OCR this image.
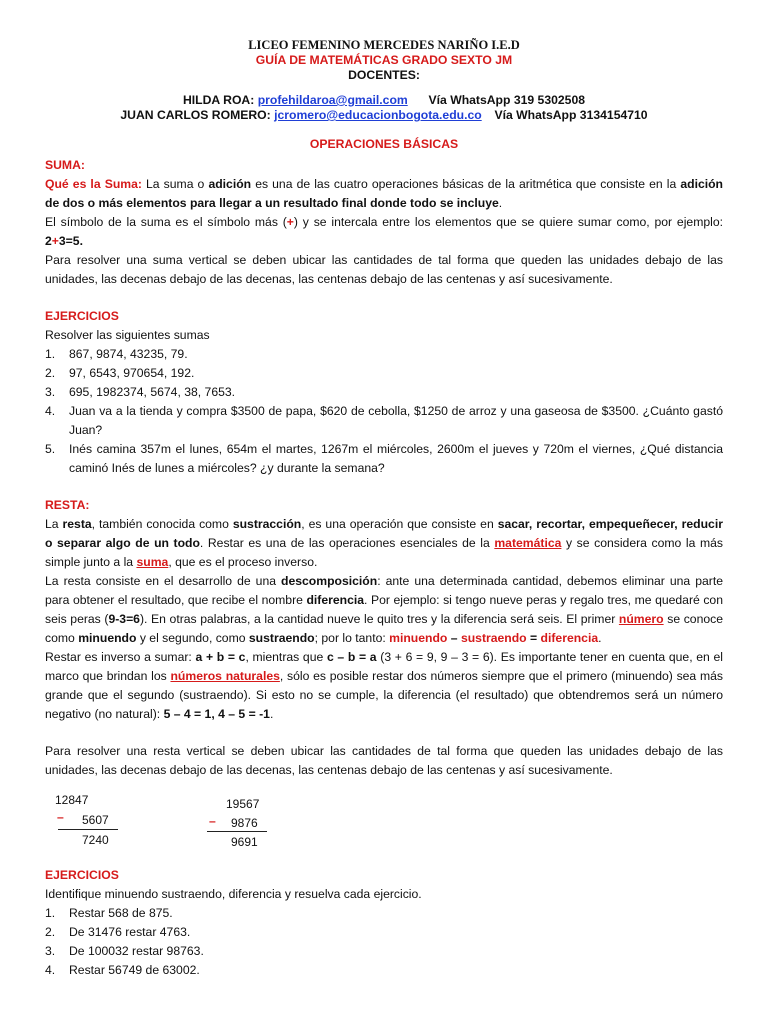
LICEO FEMENINO MERCEDES NARIÑO I.E.D
GUÍA DE MATEMÁTICAS GRADO SEXTO JM
DOCENTES:
HILDA ROA: profehildaroa@gmail.com Vía WhatsApp 319 5302508
JUAN CARLOS ROMERO: jcromero@educacionbogota.edu.co Vía WhatsApp 3134154710
OPERACIONES BÁSICAS
SUMA:

Qué es la Suma: La suma o adición es una de las cuatro operaciones básicas de la aritmética que consiste en la adición de dos o más elementos para llegar a un resultado final donde todo se incluye.

El símbolo de la suma es el símbolo más (+) y se intercala entre los elementos que se quiere sumar como, por ejemplo: 2+3=5.

Para resolver una suma vertical se deben ubicar las cantidades de tal forma que queden las unidades debajo de las unidades, las decenas debajo de las decenas, las centenas debajo de las centenas y así sucesivamente.

EJERCICIOS

Resolver las siguientes sumas

1. 867, 9874, 43235, 79.
2. 97, 6543, 970654, 192.
3. 695, 1982374, 5674, 38, 7653.
4. Juan va a la tienda y compra $3500 de papa, $620 de cebolla, $1250 de arroz y una gaseosa de $3500. ¿Cuánto gastó Juan?
5. Inés camina 357m el lunes, 654m el martes, 1267m el miércoles, 2600m el jueves y 720m el viernes, ¿Qué distancia caminó Inés de lunes a miércoles? ¿y durante la semana?
RESTA:

La resta, también conocida como sustracción, es una operación que consiste en sacar, recortar, empequeñecer, reducir o separar algo de un todo. Restar es una de las operaciones esenciales de la matemática y se considera como la más simple junto a la suma, que es el proceso inverso.

La resta consiste en el desarrollo de una descomposición: ante una determinada cantidad, debemos eliminar una parte para obtener el resultado, que recibe el nombre diferencia. Por ejemplo: si tengo nueve peras y regalo tres, me quedaré con seis peras (9-3=6). En otras palabras, a la cantidad nueve le quito tres y la diferencia será seis. El primer número se conoce como minuendo y el segundo, como sustraendo; por lo tanto: minuendo – sustraendo = diferencia.

Restar es inverso a sumar: a + b = c, mientras que c – b = a (3 + 6 = 9, 9 – 3 = 6). Es importante tener en cuenta que, en el marco que brindan los números naturales, sólo es posible restar dos números siempre que el primero (minuendo) sea más grande que el segundo (sustraendo). Si esto no se cumple, la diferencia (el resultado) que obtendremos será un número negativo (no natural): 5 – 4 = 1, 4 – 5 = -1.

Para resolver una resta vertical se deben ubicar las cantidades de tal forma que queden las unidades debajo de las unidades, las decenas debajo de las decenas, las centenas debajo de las centenas y así sucesivamente.

12847
– 5607
7240
19567
– 9876
9691
EJERCICIOS

Identifique minuendo sustraendo, diferencia y resuelva cada ejercicio.

1. Restar 568 de 875.
2. De 31476 restar 4763.
3. De 100032 restar 98763.
4. Restar 56749 de 63002.
